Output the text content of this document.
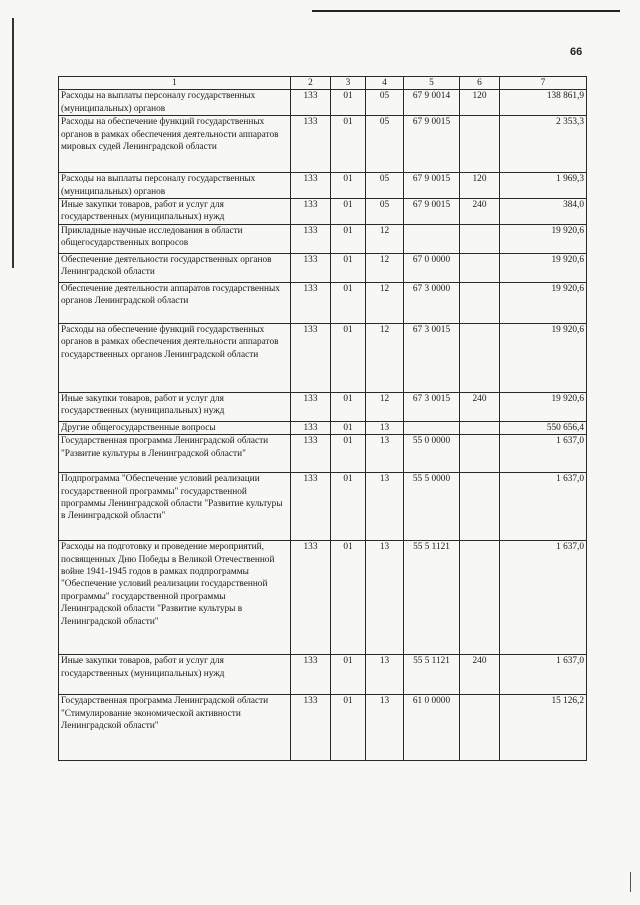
66
1	2	3	4	5	6	7
Расходы на выплаты персоналу государственных (муниципальных) органов	133	01	05	67 9 0014	120	138 861,9
Расходы на обеспечение функций государственных органов в рамках обеспечения деятельности аппаратов мировых судей Ленинградской области	133	01	05	67 9 0015		2 353,3
Расходы на выплаты персоналу государственных (муниципальных) органов	133	01	05	67 9 0015	120	1 969,3
Иные закупки товаров, работ и услуг для государственных (муниципальных) нужд	133	01	05	67 9 0015	240	384,0
Прикладные научные исследования в области общегосударственных вопросов	133	01	12			19 920,6
Обеспечение деятельности государственных органов Ленинградской области	133	01	12	67 0 0000		19 920,6
Обеспечение деятельности аппаратов государственных органов Ленинградской области	133	01	12	67 3 0000		19 920,6
Расходы на обеспечение функций государственных органов в рамках обеспечения деятельности аппаратов государственных органов Ленинградской области	133	01	12	67 3 0015		19 920,6
Иные закупки товаров, работ и услуг для государственных (муниципальных) нужд	133	01	12	67 3 0015	240	19 920,6
Другие общегосударственные вопросы	133	01	13			550 656,4
Государственная программа Ленинградской области "Развитие культуры в Ленинградской области"	133	01	13	55 0 0000		1 637,0
Подпрограмма "Обеспечение условий реализации государственной программы" государственной программы Ленинградской области "Развитие культуры в Ленинградской области"	133	01	13	55 5 0000		1 637,0
Расходы на подготовку и проведение мероприятий, посвященных Дню Победы в Великой Отечественной войне 1941-1945 годов в рамках подпрограммы "Обеспечение условий реализации государственной программы" государственной программы Ленинградской области "Развитие культуры в Ленинградской области"	133	01	13	55 5 1121		1 637,0
Иные закупки товаров, работ и услуг для государственных (муниципальных) нужд	133	01	13	55 5 1121	240	1 637,0
Государственная программа Ленинградской области "Стимулирование экономической активности Ленинградской области"	133	01	13	61 0 0000		15 126,2
